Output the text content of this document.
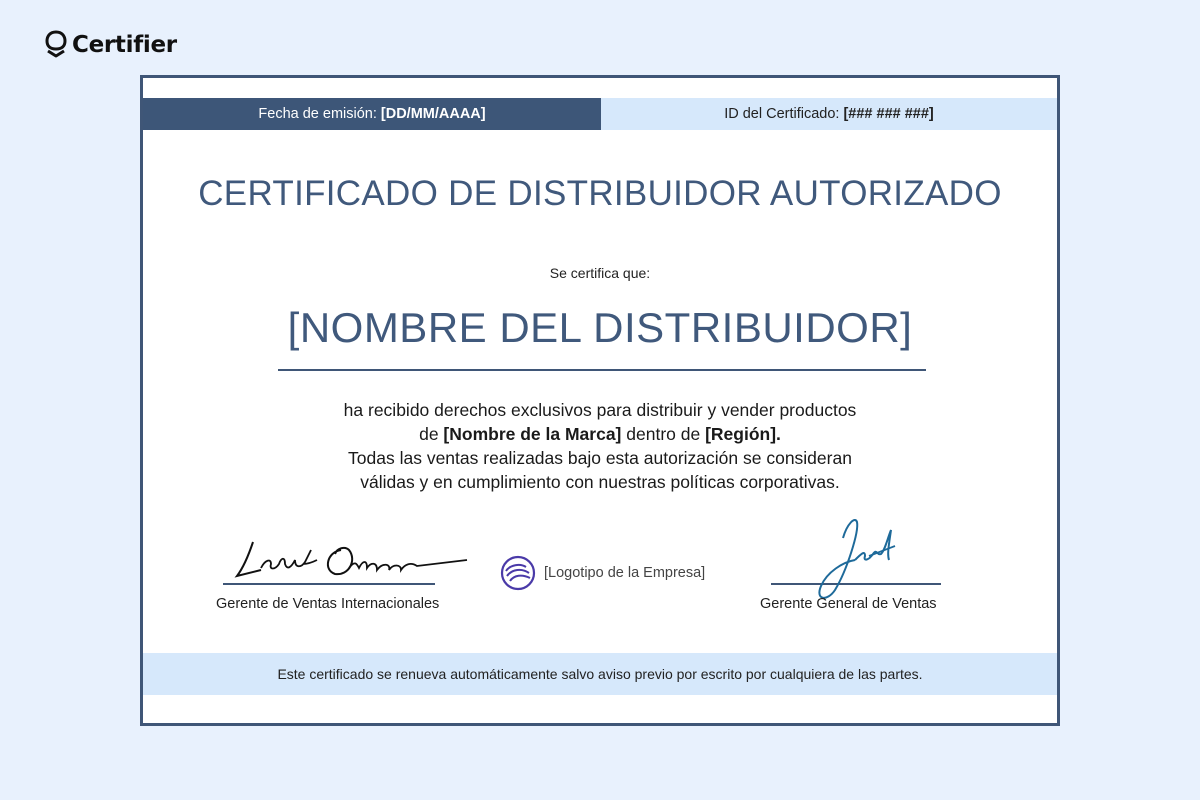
Certifier
Fecha de emisión: [DD/MM/AAAA]	ID del Certificado: [### ### ###]
CERTIFICADO DE DISTRIBUIDOR AUTORIZADO
Se certifica que:
[NOMBRE DEL DISTRIBUIDOR]
ha recibido derechos exclusivos para distribuir y vender productos
de [Nombre de la Marca] dentro de [Región].
Todas las ventas realizadas bajo esta autorización se consideran
válidas y en cumplimiento con nuestras políticas corporativas.
Gerente de Ventas Internacionales
[Logotipo de la Empresa]
Gerente General de Ventas
Este certificado se renueva automáticamente salvo aviso previo por escrito por cualquiera de las partes.
